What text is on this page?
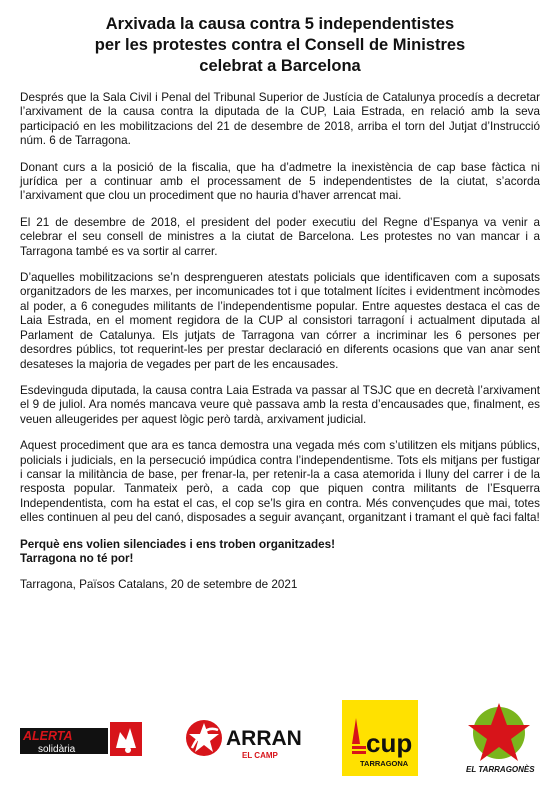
Arxivada la causa contra 5 independentistes
per les protestes contra el Consell de Ministres
celebrat a Barcelona

Després que la Sala Civil i Penal del Tribunal Superior de Justícia de Catalunya procedís a decretar l’arxivament de la causa contra la diputada de la CUP, Laia Estrada, en relació amb la seva participació en les mobilitzacions del 21 de desembre de 2018, arriba el torn del Jutjat d’Instrucció núm. 6 de Tarragona.

Donant curs a la posició de la fiscalia, que ha d’admetre la inexistència de cap base fàctica ni jurídica per a continuar amb el processament de 5 independentistes de la ciutat, s’acorda l’arxivament que clou un procediment que no hauria d’haver arrencat mai.

El 21 de desembre de 2018, el president del poder executiu del Regne d’Espanya va venir a celebrar el seu consell de ministres a la ciutat de Barcelona. Les protestes no van mancar i a Tarragona també es va sortir al carrer.

D’aquelles mobilitzacions se’n desprengueren atestats policials que identificaven com a suposats organitzadors de les marxes, per incomunicades tot i que totalment lícites i evidentment incòmodes al poder, a 6 conegudes militants de l’independentisme popular. Entre aquestes destaca el cas de Laia Estrada, en el moment regidora de la CUP al consistori tarragoní i actualment diputada al Parlament de Catalunya. Els jutjats de Tarragona van córrer a incriminar les 6 persones per desordres públics, tot requerint-les per prestar declaració en diferents ocasions que van anar sent desateses la majoria de vegades per part de les encausades.

Esdevinguda diputada, la causa contra Laia Estrada va passar al TSJC que en decretà l’arxivament el 9 de juliol. Ara només mancava veure què passava amb la resta d’encausades que, finalment, es veuen alleugerides per aquest lògic però tardà, arxivament judicial.

Aquest procediment que ara es tanca demostra una vegada més com s’utilitzen els mitjans públics, policials i judicials, en la persecució impúdica contra l’independentisme. Tots els mitjans per fustigar i cansar la militància de base, per frenar-la, per retenir-la a casa atemorida i lluny del carrer i de la resposta popular. Tanmateix però, a cada cop que piquen contra militants de l’Esquerra Independentista, com ha estat el cas, el cop se’ls gira en contra. Més convençudes que mai, totes elles continuen al peu del canó, disposades a seguir avançant, organitzant i tramant el què faci falta!

Perquè ens volien silenciades i ens troben organitzades!
Tarragona no té por!

Tarragona, Països Catalans, 20 de setembre de 2021

ALERTA
solidària	ARRAN
EL CAMP	cup
TARRAGONA
EL TARRAGONÈS
